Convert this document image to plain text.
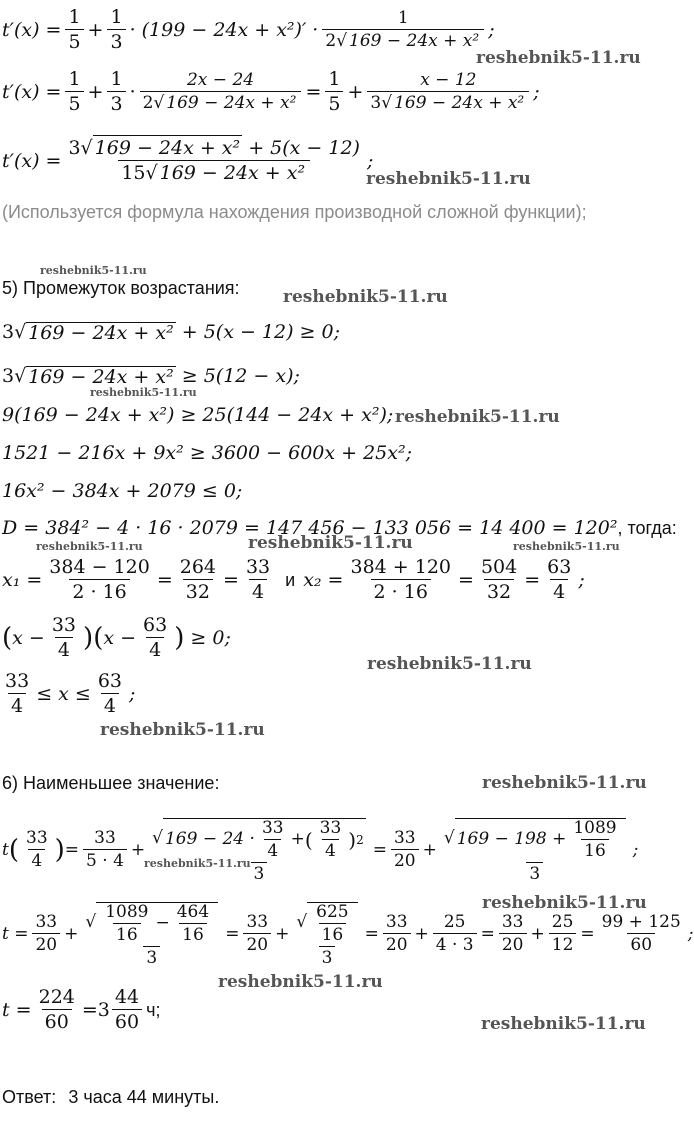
$t'(x) = \frac{1}{5} + \frac{1}{3} \cdot (199 - 24x + x^2)' \cdot \frac{1}{\text{2√ 169 − 24x + x²}}$ ;
$t'(x) = \frac{1}{5} + \frac{1}{3} \cdot \frac{2x - 24}{\text{2√ 169 − 24x + x²}} = \frac{1}{5} + \frac{x - 12}{\text{3√ 169 − 24x + x²}}$ ;
$t'(x) = \frac{\text{3√ 169 − 24x + x² + 5(x − 12)}}{\text{15√ 169 − 24x + x²}}$ ;
(Используется формула нахождения производной сложной функции);
5) Промежуток возрастания:
3 √ 169 − 24x + x²
+ 5(x − 12) ≥ 0;
3 √ 169 − 24x + x²
≥ 5(12 − x);
9(169 − 24x + x²) ≥ 25(144 − 24x + x²);
1521 − 216x + 9x² ≥ 3600 − 600x + 25x²;
16x² − 384x + 2079 ≤ 0;
D = 384² − 4 · 16 · 2079 = 147 456 − 133 056 = 14 400 = 120² , тогда:
$x_1 = \frac{384 - 120}{2 \cdot 16} = \frac{264}{32} = \frac{33}{4}$ и $x_2 = \frac{384 + 120}{2 \cdot 16} = \frac{504}{32} = \frac{63}{4}$ ;
( $x - \frac{33}{4}$ ) ( $x - \frac{63}{4}$ )
≥ 0;
$\frac{33}{4} \le x \le \frac{63}{4}$ ;
6) Наименьшее значение:
t ( $\frac{33}{4}$ ) = $\frac{33}{5 \cdot 4}$ +
√ $169 - 24 \cdot \frac{33}{4}$ + ( $\frac{33}{4}$ ) 2
3
= $\frac{33}{20} + \frac{√ 169 - 198 + \frac{1089}{16}}{3}$ ;
$t = \frac{33}{20} + \frac{√ \frac{1089}{16} - \frac{464}{16}}{3} = \frac{33}{20} + \frac{√ \frac{625}{16}}{3} = \frac{33}{20} + \frac{25}{4 \cdot 3} = \frac{33}{20} + \frac{25}{12} = \frac{99 + 125}{60}$ ;
$t = \frac{224}{60} = 3 \frac{44}{60} ч$;
Ответ:
3 часа 44 минуты.
reshebnik5-11.ru
reshebnik5-11.ru
reshebnik5-11.ru
reshebnik5-11.ru
reshebnik5-11.ru
reshebnik5-11.ru
reshebnik5-11.ru	reshebnik5-11.ru	reshebnik5-11.ru
reshebnik5-11.ru
reshebnik5-11.ru
reshebnik5-11.ru
reshebnik5-11.ru
reshebnik5-11.ru
reshebnik5-11.ru
reshebnik5-11.ru
